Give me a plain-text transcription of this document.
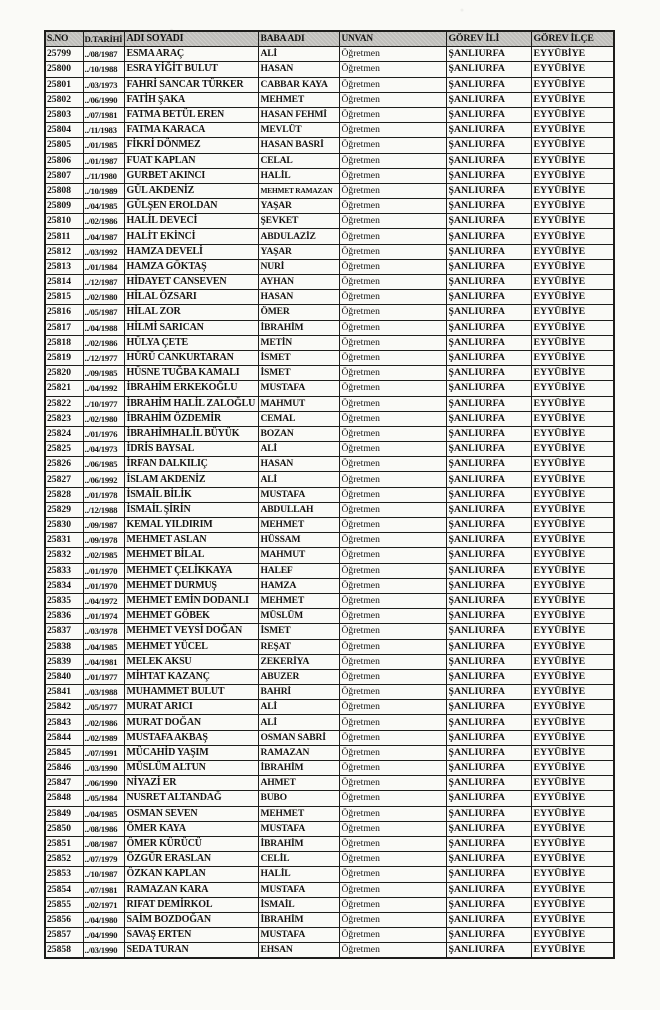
S.NO	D.TARİHİ	ADI SOYADI	BABA ADI	UNVAN	GÖREV İLİ	GÖREV İLÇE
25799	../08/1987	ESMA ARAÇ	ALİ	Öğretmen	ŞANLIURFA	EYYÜBİYE
25800	../10/1988	ESRA YİĞİT BULUT	HASAN	Öğretmen	ŞANLIURFA	EYYÜBİYE
25801	../03/1973	FAHRİ SANCAR TÜRKER	CABBAR KAYA	Öğretmen	ŞANLIURFA	EYYÜBİYE
25802	../06/1990	FATİH ŞAKA	MEHMET	Öğretmen	ŞANLIURFA	EYYÜBİYE
25803	../07/1981	FATMA BETÜL EREN	HASAN FEHMİ	Öğretmen	ŞANLIURFA	EYYÜBİYE
25804	../11/1983	FATMA KARACA	MEVLÜT	Öğretmen	ŞANLIURFA	EYYÜBİYE
25805	../01/1985	FİKRİ DÖNMEZ	HASAN BASRİ	Öğretmen	ŞANLIURFA	EYYÜBİYE
25806	../01/1987	FUAT KAPLAN	CELAL	Öğretmen	ŞANLIURFA	EYYÜBİYE
25807	../11/1980	GURBET AKINCI	HALİL	Öğretmen	ŞANLIURFA	EYYÜBİYE
25808	../10/1989	GÜL AKDENİZ	MEHMET RAMAZAN	Öğretmen	ŞANLIURFA	EYYÜBİYE
25809	../04/1985	GÜLŞEN EROLDAN	YAŞAR	Öğretmen	ŞANLIURFA	EYYÜBİYE
25810	../02/1986	HALİL DEVECİ	ŞEVKET	Öğretmen	ŞANLIURFA	EYYÜBİYE
25811	../04/1987	HALİT EKİNCİ	ABDULAZİZ	Öğretmen	ŞANLIURFA	EYYÜBİYE
25812	../03/1992	HAMZA DEVELİ	YAŞAR	Öğretmen	ŞANLIURFA	EYYÜBİYE
25813	../01/1984	HAMZA GÖKTAŞ	NURİ	Öğretmen	ŞANLIURFA	EYYÜBİYE
25814	../12/1987	HİDAYET CANSEVEN	AYHAN	Öğretmen	ŞANLIURFA	EYYÜBİYE
25815	../02/1980	HİLAL ÖZSARI	HASAN	Öğretmen	ŞANLIURFA	EYYÜBİYE
25816	../05/1987	HİLAL ZOR	ÖMER	Öğretmen	ŞANLIURFA	EYYÜBİYE
25817	../04/1988	HİLMİ SARICAN	İBRAHİM	Öğretmen	ŞANLIURFA	EYYÜBİYE
25818	../02/1986	HÜLYA ÇETE	METİN	Öğretmen	ŞANLIURFA	EYYÜBİYE
25819	../12/1977	HÜRÜ CANKURTARAN	İSMET	Öğretmen	ŞANLIURFA	EYYÜBİYE
25820	../09/1985	HÜSNE TUĞBA KAMALI	İSMET	Öğretmen	ŞANLIURFA	EYYÜBİYE
25821	../04/1992	İBRAHİM ERKEKOĞLU	MUSTAFA	Öğretmen	ŞANLIURFA	EYYÜBİYE
25822	../10/1977	İBRAHİM HALİL ZALOĞLU	MAHMUT	Öğretmen	ŞANLIURFA	EYYÜBİYE
25823	../02/1980	İBRAHİM ÖZDEMİR	CEMAL	Öğretmen	ŞANLIURFA	EYYÜBİYE
25824	../01/1976	İBRAHİMHALİL BÜYÜK	BOZAN	Öğretmen	ŞANLIURFA	EYYÜBİYE
25825	../04/1973	İDRİS BAYSAL	ALİ	Öğretmen	ŞANLIURFA	EYYÜBİYE
25826	../06/1985	İRFAN DALKILIÇ	HASAN	Öğretmen	ŞANLIURFA	EYYÜBİYE
25827	../06/1992	İSLAM AKDENİZ	ALİ	Öğretmen	ŞANLIURFA	EYYÜBİYE
25828	../01/1978	İSMAİL BİLİK	MUSTAFA	Öğretmen	ŞANLIURFA	EYYÜBİYE
25829	../12/1988	İSMAİL ŞİRİN	ABDULLAH	Öğretmen	ŞANLIURFA	EYYÜBİYE
25830	../09/1987	KEMAL YILDIRIM	MEHMET	Öğretmen	ŞANLIURFA	EYYÜBİYE
25831	../09/1978	MEHMET ASLAN	HÜSSAM	Öğretmen	ŞANLIURFA	EYYÜBİYE
25832	../02/1985	MEHMET BİLAL	MAHMUT	Öğretmen	ŞANLIURFA	EYYÜBİYE
25833	../01/1970	MEHMET ÇELİKKAYA	HALEF	Öğretmen	ŞANLIURFA	EYYÜBİYE
25834	../01/1970	MEHMET DURMUŞ	HAMZA	Öğretmen	ŞANLIURFA	EYYÜBİYE
25835	../04/1972	MEHMET EMİN DODANLI	MEHMET	Öğretmen	ŞANLIURFA	EYYÜBİYE
25836	../01/1974	MEHMET GÖBEK	MÜSLÜM	Öğretmen	ŞANLIURFA	EYYÜBİYE
25837	../03/1978	MEHMET VEYSİ DOĞAN	İSMET	Öğretmen	ŞANLIURFA	EYYÜBİYE
25838	../04/1985	MEHMET YÜCEL	REŞAT	Öğretmen	ŞANLIURFA	EYYÜBİYE
25839	../04/1981	MELEK AKSU	ZEKERİYA	Öğretmen	ŞANLIURFA	EYYÜBİYE
25840	../01/1977	MİHTAT KAZANÇ	ABUZER	Öğretmen	ŞANLIURFA	EYYÜBİYE
25841	../03/1988	MUHAMMET BULUT	BAHRİ	Öğretmen	ŞANLIURFA	EYYÜBİYE
25842	../05/1977	MURAT ARICI	ALİ	Öğretmen	ŞANLIURFA	EYYÜBİYE
25843	../02/1986	MURAT DOĞAN	ALİ	Öğretmen	ŞANLIURFA	EYYÜBİYE
25844	../02/1989	MUSTAFA AKBAŞ	OSMAN SABRİ	Öğretmen	ŞANLIURFA	EYYÜBİYE
25845	../07/1991	MÜCAHİD YAŞIM	RAMAZAN	Öğretmen	ŞANLIURFA	EYYÜBİYE
25846	../03/1990	MÜSLÜM ALTUN	İBRAHİM	Öğretmen	ŞANLIURFA	EYYÜBİYE
25847	../06/1990	NİYAZİ ER	AHMET	Öğretmen	ŞANLIURFA	EYYÜBİYE
25848	../05/1984	NUSRET ALTANDAĞ	BUBO	Öğretmen	ŞANLIURFA	EYYÜBİYE
25849	../04/1985	OSMAN SEVEN	MEHMET	Öğretmen	ŞANLIURFA	EYYÜBİYE
25850	../08/1986	ÖMER KAYA	MUSTAFA	Öğretmen	ŞANLIURFA	EYYÜBİYE
25851	../08/1987	ÖMER KÜRÜCÜ	İBRAHİM	Öğretmen	ŞANLIURFA	EYYÜBİYE
25852	../07/1979	ÖZGÜR ERASLAN	CELİL	Öğretmen	ŞANLIURFA	EYYÜBİYE
25853	../10/1987	ÖZKAN KAPLAN	HALİL	Öğretmen	ŞANLIURFA	EYYÜBİYE
25854	../07/1981	RAMAZAN KARA	MUSTAFA	Öğretmen	ŞANLIURFA	EYYÜBİYE
25855	../02/1971	RIFAT DEMİRKOL	İSMAİL	Öğretmen	ŞANLIURFA	EYYÜBİYE
25856	../04/1980	SAİM BOZDOĞAN	İBRAHİM	Öğretmen	ŞANLIURFA	EYYÜBİYE
25857	../04/1990	SAVAŞ ERTEN	MUSTAFA	Öğretmen	ŞANLIURFA	EYYÜBİYE
25858	../03/1990	SEDA TURAN	EHSAN	Öğretmen	ŞANLIURFA	EYYÜBİYE
